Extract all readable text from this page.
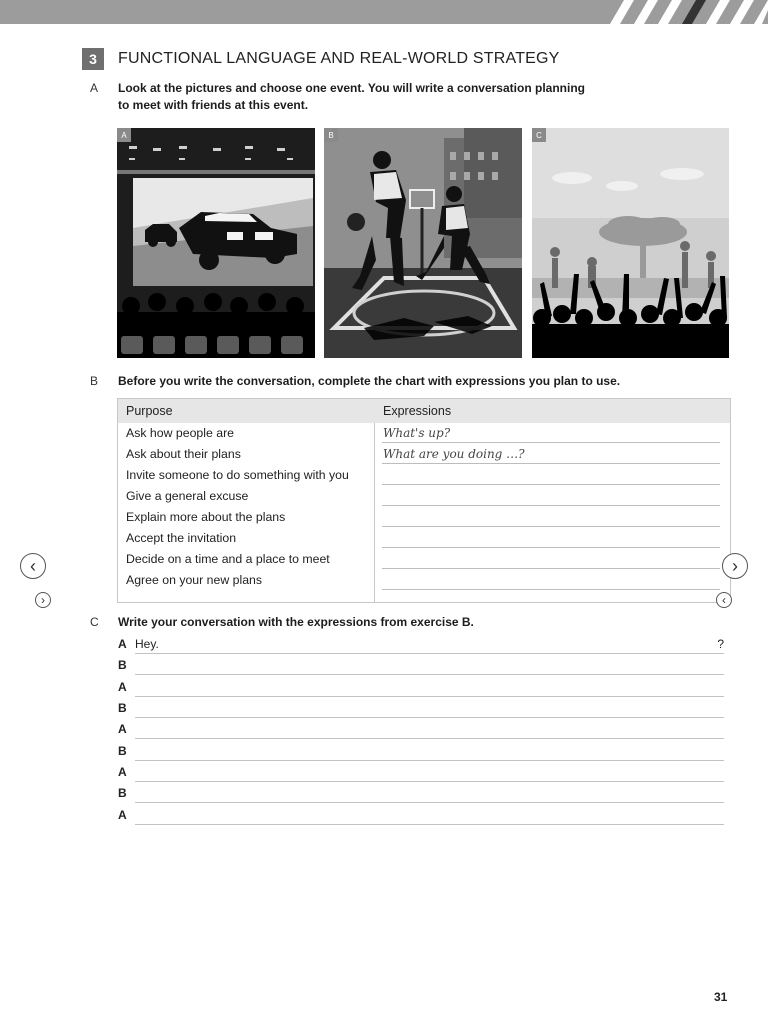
3	FUNCTIONAL LANGUAGE AND REAL-WORLD STRATEGY
A Look at the pictures and choose one event. You will write a conversation planning
to meet with friends at this event.
A	B	C
B Before you write the conversation, complete the chart with expressions you plan to use.
Purpose	Expressions
Ask how people are	What's up?
Ask about their plans	What are you doing …?
Invite someone to do something with you
Give a general excuse
Explain more about the plans
Accept the invitation
Decide on a time and a place to meet
Agree on your new plans
‹	›
›	‹
C Write your conversation with the expressions from exercise B.
A Hey.	?
B
A
B
A
B
A
B
A
31
